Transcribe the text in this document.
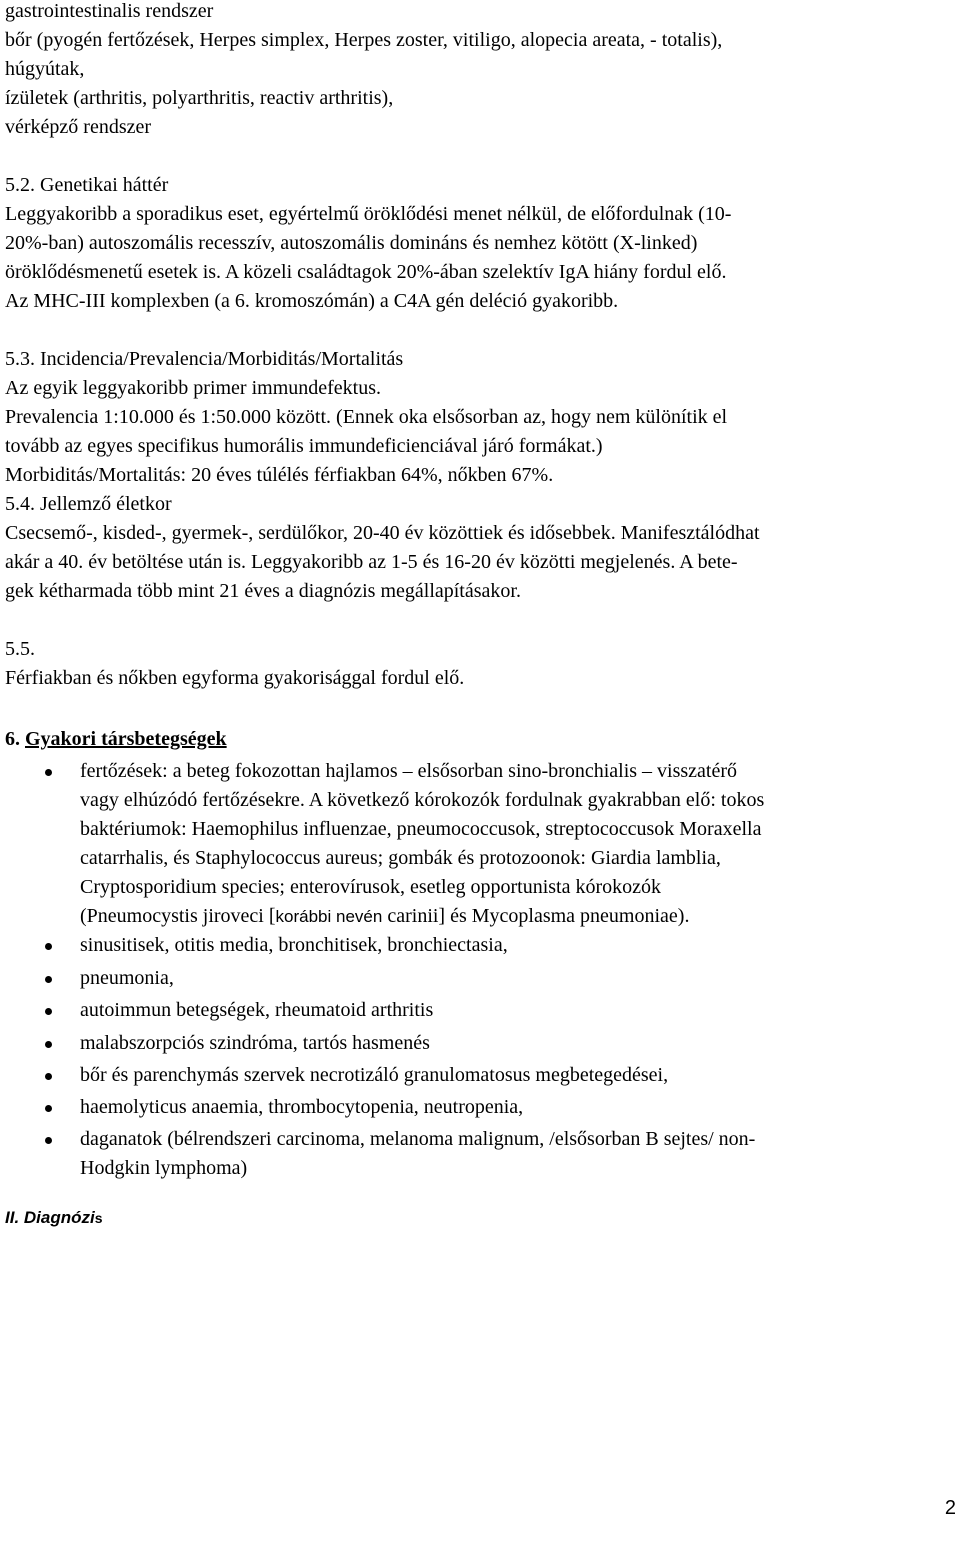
gastrointestinalis rendszer
bőr (pyogén fertőzések, Herpes simplex, Herpes zoster, vitiligo, alopecia areata, - totalis),
húgyútak,
ízületek (arthritis, polyarthritis, reactiv arthritis),
vérképző rendszer
5.2. Genetikai háttér
Leggyakoribb a sporadikus eset, egyértelmű öröklődési menet nélkül, de előfordulnak (10-
20%-ban) autoszomális recesszív, autoszomális domináns és nemhez kötött (X-linked)
öröklődésmenetű esetek is. A közeli családtagok 20%-ában szelektív IgA hiány fordul elő.
Az MHC-III komplexben (a 6. kromoszómán) a C4A gén deléció gyakoribb.
5.3. Incidencia/Prevalencia/Morbiditás/Mortalitás
Az egyik leggyakoribb primer immundefektus.
Prevalencia 1:10.000 és 1:50.000 között. (Ennek oka elsősorban az, hogy nem különítik el
tovább az egyes specifikus humorális immundeficienciával járó formákat.)
Morbiditás/Mortalitás: 20 éves túlélés férfiakban 64%, nőkben 67%.
5.4. Jellemző életkor
Csecsemő-, kisded-, gyermek-, serdülőkor, 20-40 év közöttiek és idősebbek. Manifesztálódhat
akár a 40. év betöltése után is. Leggyakoribb az 1-5 és 16-20 év közötti megjelenés. A bete-
gek kétharmada több mint 21 éves a diagnózis megállapításakor.
5.5.
Férfiakban és nőkben egyforma gyakorisággal fordul elő.
6. Gyakori társbetegségek
fertőzések: a beteg fokozottan hajlamos – elsősorban sino-bronchialis – visszatérő
vagy elhúzódó fertőzésekre. A következő kórokozók fordulnak gyakrabban elő: tokos
baktériumok: Haemophilus influenzae, pneumococcusok, streptococcusok Moraxella
catarrhalis, és Staphylococcus aureus; gombák és protozoonok: Giardia lamblia,
Cryptosporidium species; enterovírusok, esetleg opportunista kórokozók
(Pneumocystis jiroveci [korábbi nevén carinii] és Mycoplasma pneumoniae).
sinusitisek, otitis media, bronchitisek, bronchiectasia,
pneumonia,
autoimmun betegségek, rheumatoid arthritis
malabszorpciós szindróma, tartós hasmenés
bőr és parenchymás szervek necrotizáló granulomatosus megbetegedései,
haemolyticus anaemia, thrombocytopenia, neutropenia,
daganatok (bélrendszeri carcinoma, melanoma malignum, /elsősorban B sejtes/ non-
Hodgkin lymphoma)
II. Diagnózis
2
